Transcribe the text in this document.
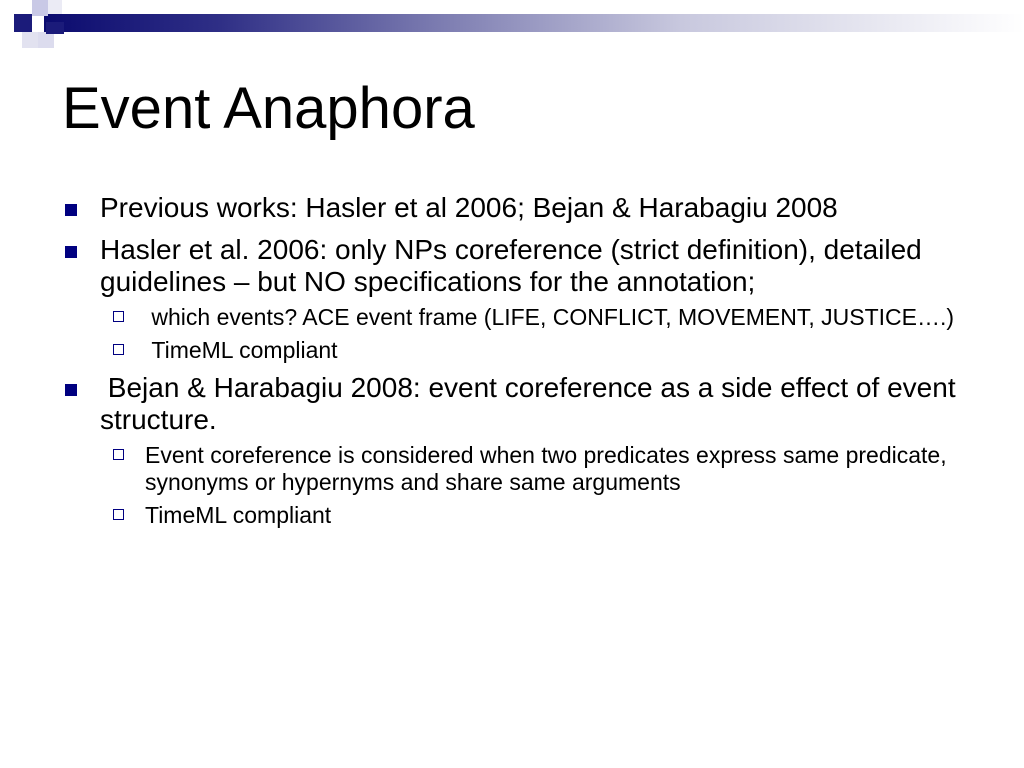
Event Anaphora
Previous works: Hasler et al 2006; Bejan & Harabagiu 2008
Hasler et al. 2006: only NPs coreference (strict definition), detailed guidelines – but NO specifications for the annotation;
which events? ACE event frame (LIFE, CONFLICT, MOVEMENT, JUSTICE….)
TimeML compliant
Bejan & Harabagiu 2008: event coreference as a side effect of event structure.
Event coreference is considered when two predicates express same predicate, synonyms or hypernyms and share same arguments
TimeML compliant
